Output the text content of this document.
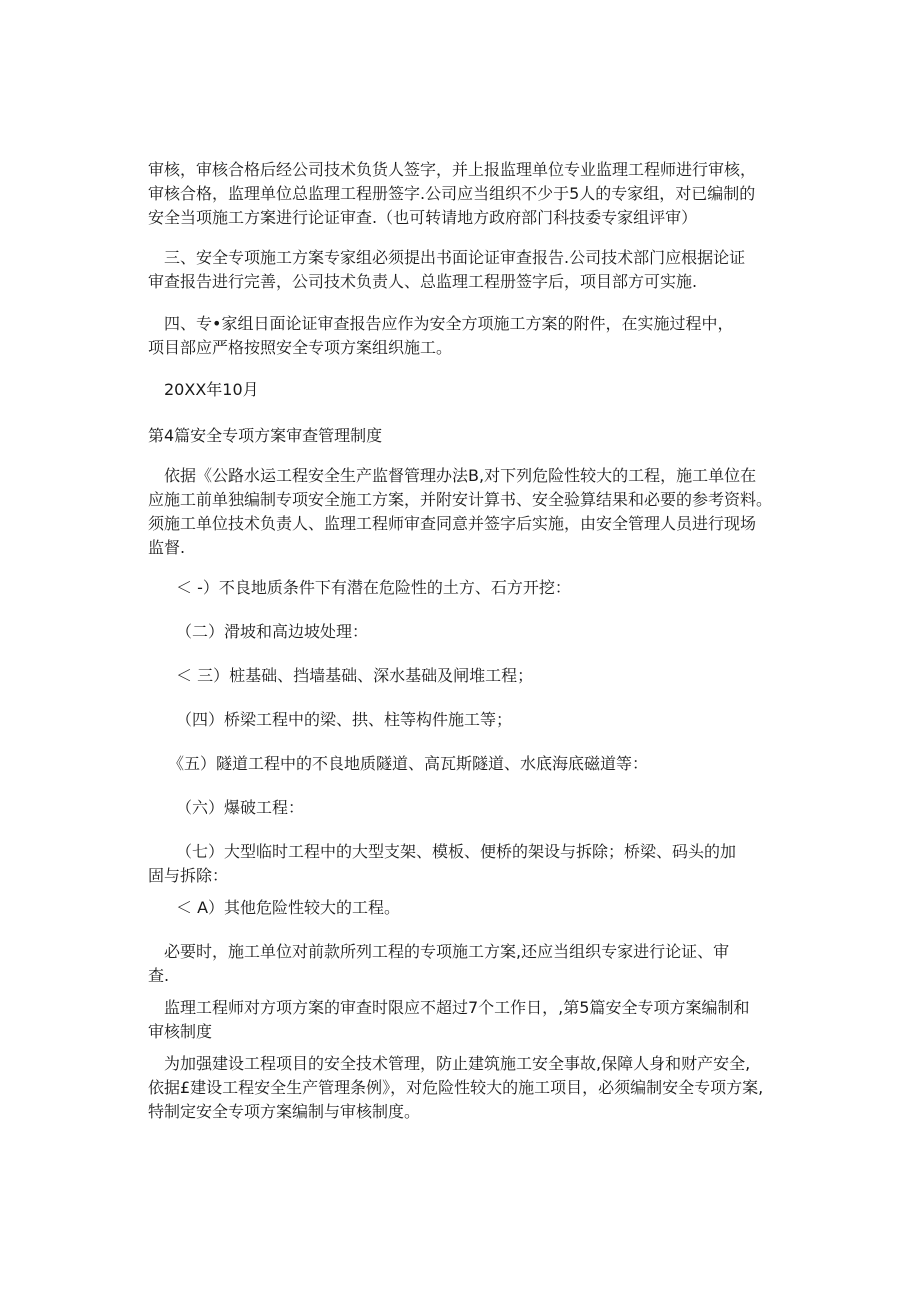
审核，审核合格后经公司技术负货人签字，并上报监理单位专业监理工程师进行审核，
审核合格，监理单位总监理工程册签字.公司应当组织不少于5人的专家组，对已编制的
安全当项施工方案进行论证审查.（也可转请地方政府部门科技委专家组评审）

三、安全专项施工方案专家组必须提出书面论证审查报告.公司技术部门应根据论证
审查报告进行完善，公司技术负责人、总监理工程册签字后，项目部方可实施.

四、专•家组日面论证审查报告应作为安全方项施工方案的附件，在实施过程中，
项目部应严格按照安全专项方案组织施工。

20XX年10月

第4篇安全专项方案审查管理制度

依据《公路水运工程安全生产监督管理办法B,对下列危险性较大的工程，施工单位在
应施工前单独编制专项安全施工方案，并附安计算书、安全验算结果和必要的参考资料。
须施工单位技术负责人、监理工程师审查同意并签字后实施，由安全管理人员进行现场
监督.

＜ -）不良地质条件下有潜在危险性的土方、石方开挖：

（二）滑坡和高边坡处理：

＜ 三）桩基础、挡墙基础、深水基础及闸堆工程；

（四）桥梁工程中的梁、拱、柱等构件施工等；

《五）隧道工程中的不良地质隧道、高瓦斯隧道、水底海底磁道等：

（六）爆破工程：

（七）大型临时工程中的大型支架、模板、便桥的架设与拆除；桥梁、码头的加
固与拆除：

＜ A）其他危险性较大的工程。

必要时，施工单位对前款所列工程的专项施工方案,还应当组织专家进行论证、审
查.

监理工程师对方项方案的审查时限应不超过7个工作日，,第5篇安全专项方案编制和
审核制度

为加强建设工程项目的安全技术管理，防止建筑施工安全事故,保障人身和财产安全,
依据£建设工程安全生产管理条例》，对危险性较大的施工项目，必须编制安全专项方案,
特制定安全专项方案编制与审核制度。
